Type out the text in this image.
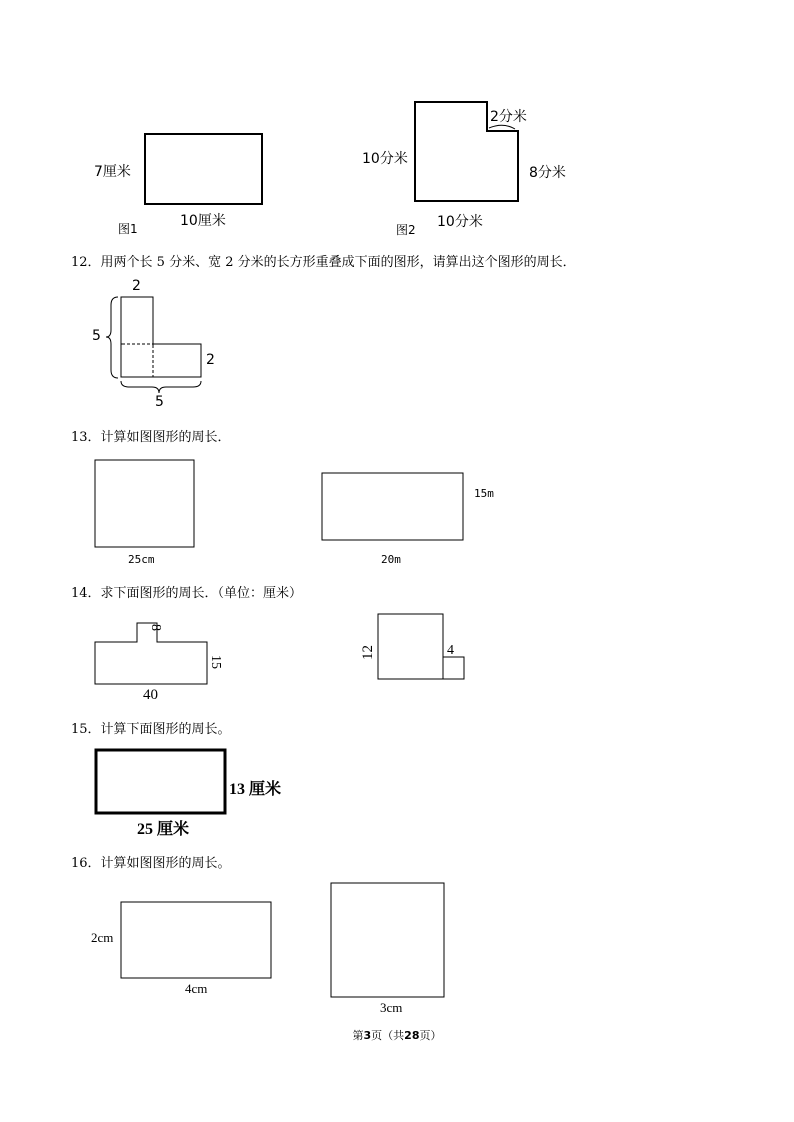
7厘米
10厘米
图1
10分米
2分米
8分米
10分米
图2
12．用两个长 5 分米、宽 2 分米的长方形重叠成下面的图形，请算出这个图形的周长．
2
5
2
5
13．计算如图图形的周长．
25cm
15m
20m
14．求下面图形的周长．（单位：厘米）
8
15
40
12	4
15．计算下面图形的周长。
13 厘米
25 厘米
16．计算如图图形的周长。
2cm
4cm
3cm
第3页（共28页）
